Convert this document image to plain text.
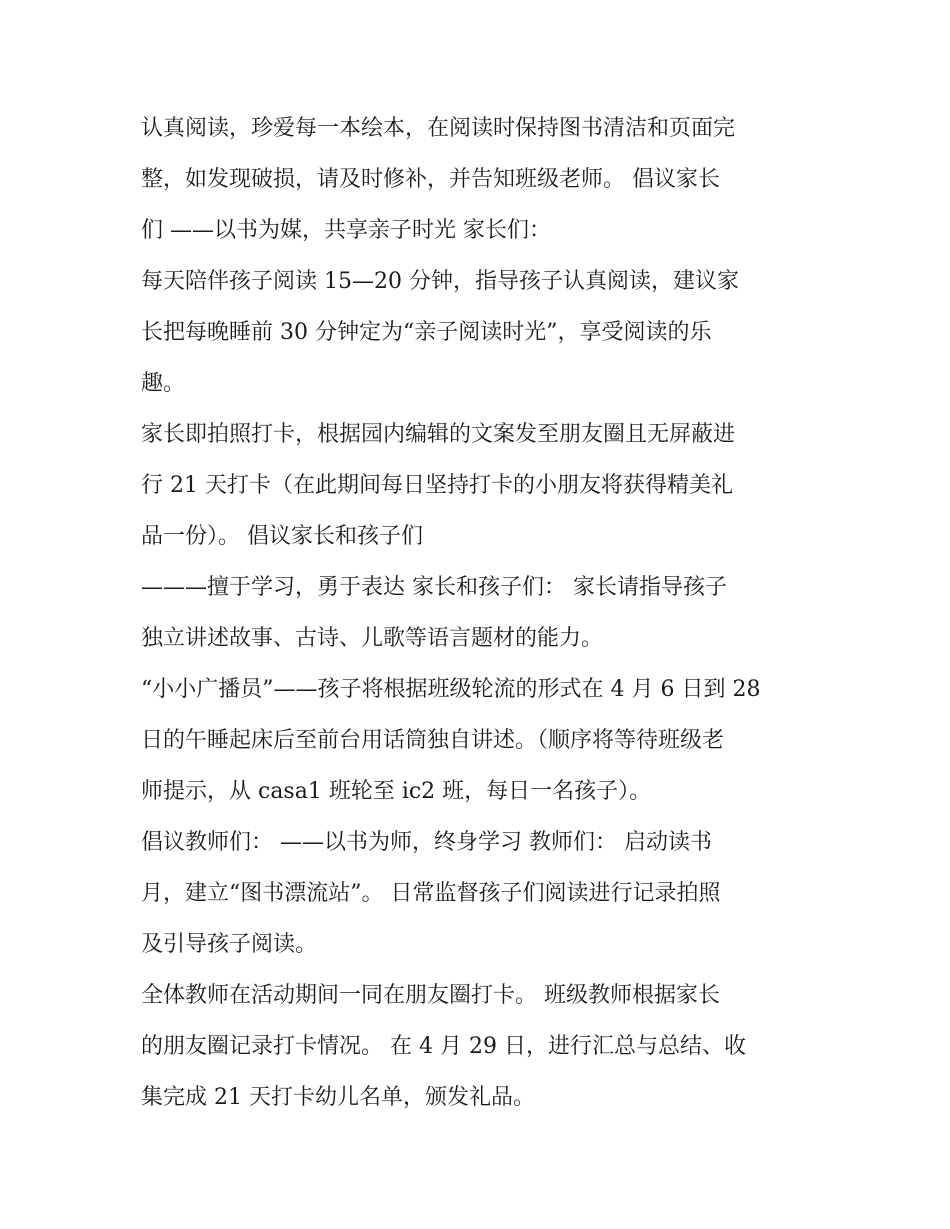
认真阅读，珍爱每一本绘本，在阅读时保持图书清洁和页面完
整，如发现破损，请及时修补，并告知班级老师。 倡议家长
们 ——以书为媒，共享亲子时光 家长们：
每天陪伴孩子阅读 15—20 分钟，指导孩子认真阅读，建议家
长把每晚睡前 30 分钟定为“亲子阅读时光”，享受阅读的乐
趣。
家长即拍照打卡，根据园内编辑的文案发至朋友圈且无屏蔽进
行 21 天打卡（在此期间每日坚持打卡的小朋友将获得精美礼
品一份）。 倡议家长和孩子们
———擅于学习，勇于表达 家长和孩子们： 家长请指导孩子
独立讲述故事、古诗、儿歌等语言题材的能力。
“小小广播员”——孩子将根据班级轮流的形式在 4 月 6 日到 28
日的午睡起床后至前台用话筒独自讲述。（顺序将等待班级老
师提示，从 casa1 班轮至 ic2 班，每日一名孩子）。
倡议教师们： ——以书为师，终身学习 教师们： 启动读书
月，建立“图书漂流站”。 日常监督孩子们阅读进行记录拍照
及引导孩子阅读。
全体教师在活动期间一同在朋友圈打卡。 班级教师根据家长
的朋友圈记录打卡情况。 在 4 月 29 日，进行汇总与总结、收
集完成 21 天打卡幼儿名单，颁发礼品。
